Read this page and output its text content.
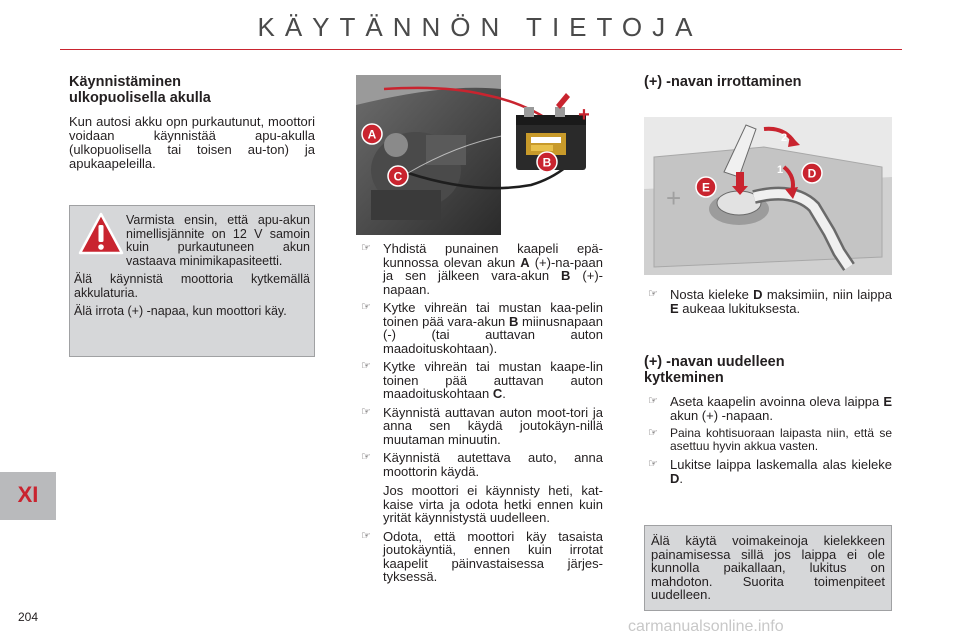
KÄYTÄNNÖN TIETOJA

Käynnistäminen

ulkopuolisella akulla

Kun autosi akku opn purkautunut, moottori voidaan käynnistää apu-akulla (ulkopuolisella tai toisen au-ton) ja apukaapeleilla.

Varmista ensin, että apu-akun nimellisjännite on 12 V samoin kuin purkautuneen akun vastaava minimikapasiteetti.
Älä käynnistä moottoria kytkemällä akkulaturia.
Älä irrota (+) -napaa, kun moottori käy.
A
C
B
+
☞ Yhdistä punainen kaapeli epä-kunnossa olevan akun A (+)-na-paan ja sen jälkeen vara-akun B (+)-napaan.
☞ Kytke vihreän tai mustan kaa-pelin toinen pää vara-akun B miinusnapaan (-) (tai auttavan auton maadoituskohtaan).
☞ Kytke vihreän tai mustan kaape-lin toinen pää auttavan auton maadoituskohtaan C.
☞ Käynnistä auttavan auton moot-tori ja anna sen käydä joutokäyn-nillä muutaman minuutin.
☞ Käynnistä autettava auto, anna moottorin käydä.
Jos moottori ei käynnisty heti, kat-kaise virta ja odota hetki ennen kuin yrität käynnistystä uudelleen.
☞ Odota, että moottori käy tasaista joutokäyntiä, ennen kuin irrotat kaapelit päinvastaisessa järjes-tyksessä.

(+) -navan irrottaminen

+ E
D
1
2
☞ Nosta kieleke D maksimiin, niin laippa E aukeaa lukituksesta.

(+) -navan uudelleen

kytkeminen

☞ Aseta kaapelin avoinna oleva laippa E akun (+) -napaan.
☞ Paina kohtisuoraan laipasta niin, että se asettuu hyvin akkua vasten.
☞ Lukitse laippa laskemalla alas kieleke D.
Älä käytä voimakeinoja kielekkeen painamisessa sillä jos laippa ei ole kunnolla paikallaan, lukitus on mahdoton. Suorita toimenpiteet uudelleen.
XI
204
carmanualsonline.info
